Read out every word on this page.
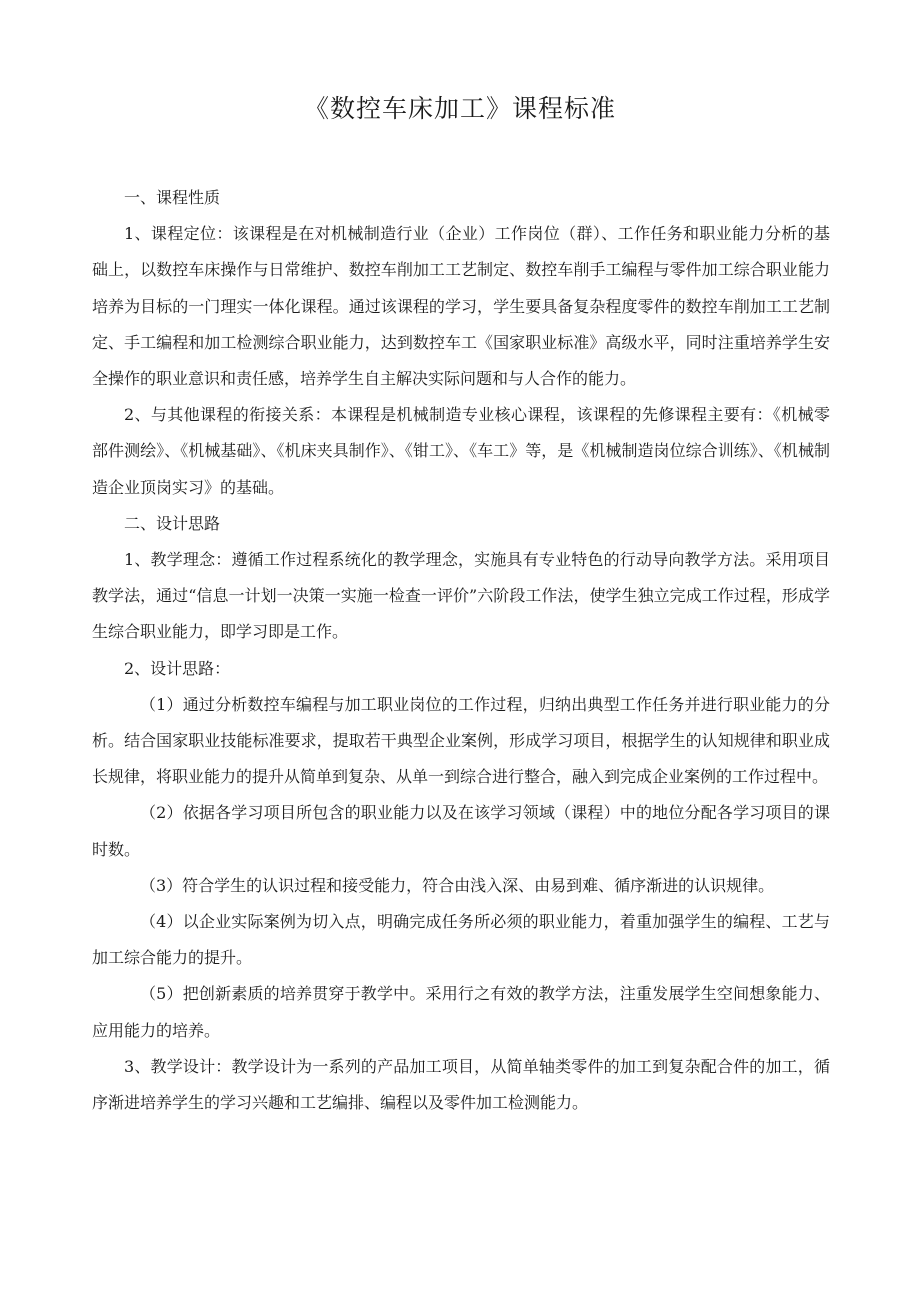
《数控车床加工》课程标准

一、课程性质

1、课程定位：该课程是在对机械制造行业（企业）工作岗位（群）、工作任务和职业能力分析的基础上，以数控车床操作与日常维护、数控车削加工工艺制定、数控车削手工编程与零件加工综合职业能力培养为目标的一门理实一体化课程。通过该课程的学习，学生要具备复杂程度零件的数控车削加工工艺制定、手工编程和加工检测综合职业能力，达到数控车工《国家职业标准》高级水平，同时注重培养学生安全操作的职业意识和责任感，培养学生自主解决实际问题和与人合作的能力。

2、与其他课程的衔接关系：本课程是机械制造专业核心课程，该课程的先修课程主要有：《机械零部件测绘》、《机械基础》、《机床夹具制作》、《钳工》、《车工》等，是《机械制造岗位综合训练》、《机械制造企业顶岗实习》的基础。

二、设计思路

1、教学理念：遵循工作过程系统化的教学理念，实施具有专业特色的行动导向教学方法。采用项目教学法，通过“信息一计划一决策一实施一检查一评价”六阶段工作法，使学生独立完成工作过程，形成学生综合职业能力，即学习即是工作。

2、设计思路：

（1）通过分析数控车编程与加工职业岗位的工作过程，归纳出典型工作任务并进行职业能力的分析。结合国家职业技能标准要求，提取若干典型企业案例，形成学习项目，根据学生的认知规律和职业成长规律，将职业能力的提升从简单到复杂、从单一到综合进行整合，融入到完成企业案例的工作过程中。

（2）依据各学习项目所包含的职业能力以及在该学习领域（课程）中的地位分配各学习项目的课时数。

（3）符合学生的认识过程和接受能力，符合由浅入深、由易到难、循序渐进的认识规律。

（4）以企业实际案例为切入点，明确完成任务所必须的职业能力，着重加强学生的编程、工艺与加工综合能力的提升。

（5）把创新素质的培养贯穿于教学中。采用行之有效的教学方法，注重发展学生空间想象能力、应用能力的培养。

3、教学设计：教学设计为一系列的产品加工项目，从简单轴类零件的加工到复杂配合件的加工，循序渐进培养学生的学习兴趣和工艺编排、编程以及零件加工检测能力。
